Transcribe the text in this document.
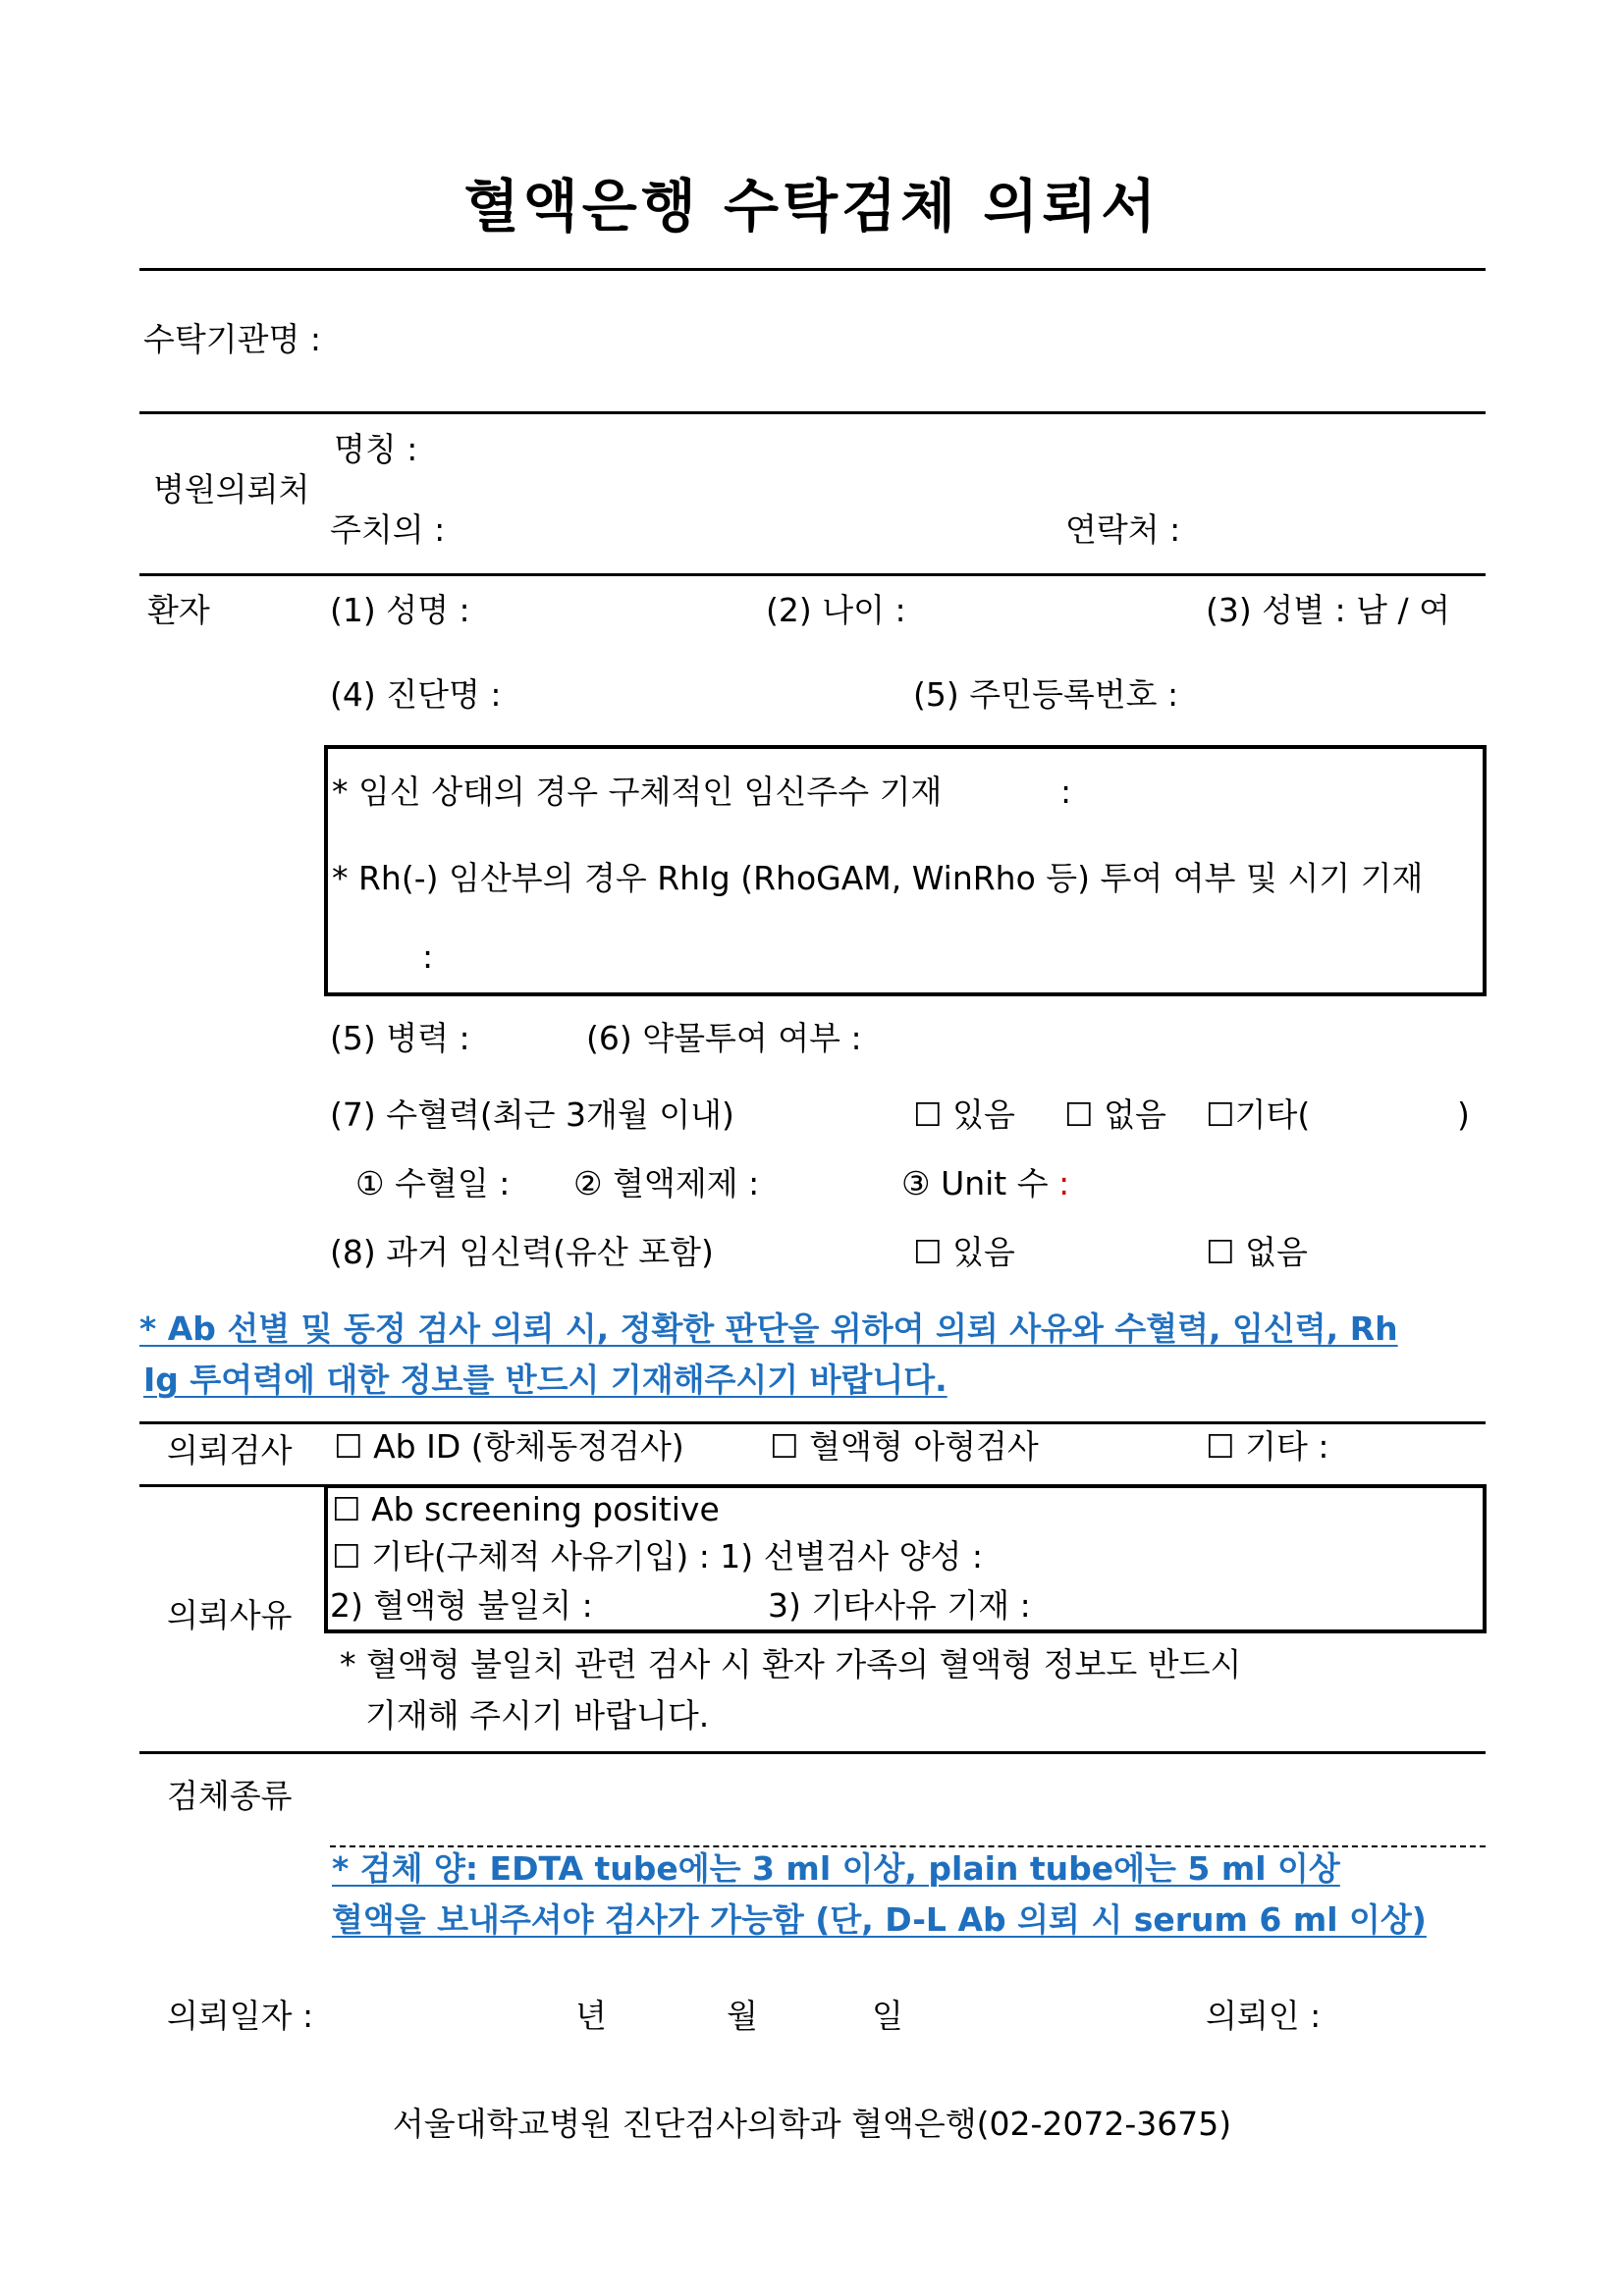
혈액은행 수탁검체 의뢰서
수탁기관명 :
병원의뢰처
명칭 :
주치의 :	연락처 :
환자	(1) 성명 :	(2) 나이 :	(3) 성별 : 남 / 여
(4) 진단명 :	(5) 주민등록번호 :
* 임신 상태의 경우 구체적인 임신주수 기재	:
* Rh(-) 임산부의 경우 RhIg (RhoGAM, WinRho 등) 투여 여부 및 시기 기재
:
(5) 병력 :	(6) 약물투여 여부 :
(7) 수혈력(최근 3개월 이내)	☐ 있음 ☐ 없음 ☐기타(	)
① 수혈일 : ② 혈액제제 :	③ Unit 수 :
(8) 과거 임신력(유산 포함)	☐ 있음	☐ 없음
* Ab 선별 및 동정 검사 의뢰 시, 정확한 판단을 위하여 의뢰 사유와 수혈력, 임신력, Rh
Ig 투여력에 대한 정보를 반드시 기재해주시기 바랍니다.
의뢰검사 ☐ Ab ID (항체동정검사)	☐ 혈액형 아형검사	☐ 기타 :
☐ Ab screening positive
☐ 기타(구체적 사유기입) : 1) 선별검사 양성 :
2) 혈액형 불일치 :	3) 기타사유 기재 :
의뢰사유
* 혈액형 불일치 관련 검사 시 환자 가족의 혈액형 정보도 반드시
기재해 주시기 바랍니다.
검체종류
* 검체 양: EDTA tube에는 3 ml 이상, plain tube에는 5 ml 이상
혈액을 보내주셔야 검사가 가능함 (단, D-L Ab 의뢰 시 serum 6 ml 이상)
의뢰일자 :	년	월	일	의뢰인 :
서울대학교병원 진단검사의학과 혈액은행(02-2072-3675)
